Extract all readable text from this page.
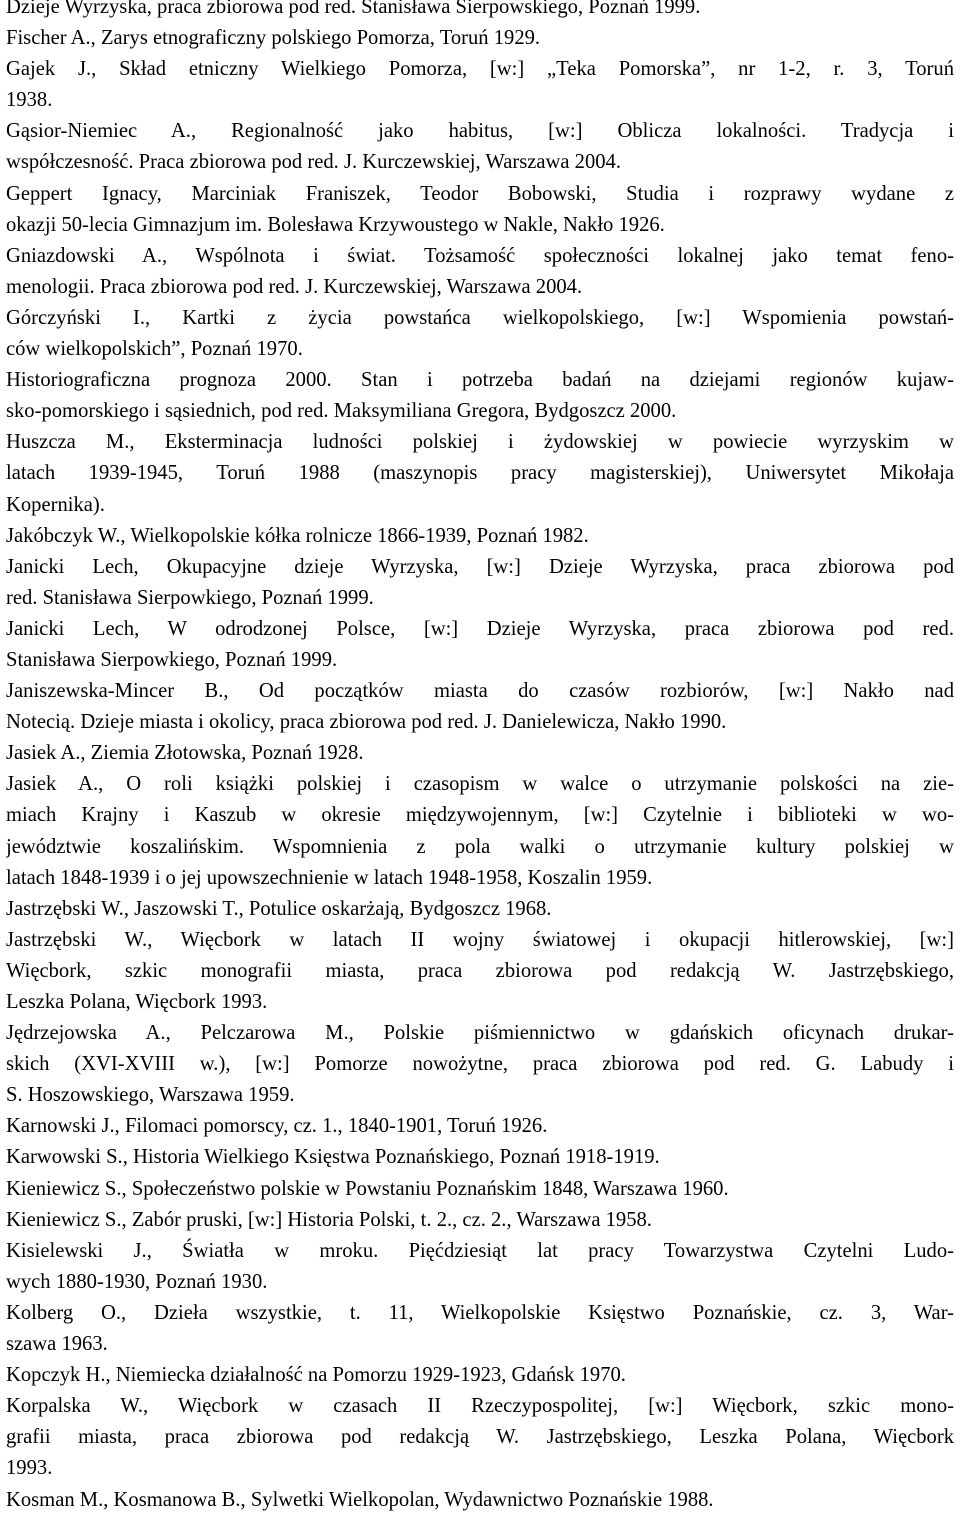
Dzieje Wyrzyska, praca zbiorowa pod red. Stanisława Sierpowskiego, Poznań 1999.
Fischer A., Zarys etnograficzny polskiego Pomorza, Toruń 1929.
Gajek J., Skład etniczny Wielkiego Pomorza, [w:] „Teka Pomorska”, nr 1-2, r. 3, Toruń
1938.
Gąsior-Niemiec A., Regionalność jako habitus, [w:] Oblicza lokalności. Tradycja i
współczesność. Praca zbiorowa pod red. J. Kurczewskiej, Warszawa 2004.
Geppert Ignacy, Marciniak Franiszek, Teodor Bobowski, Studia i rozprawy wydane z
okazji 50-lecia Gimnazjum im. Bolesława Krzywoustego w Nakle, Nakło 1926.
Gniazdowski A., Wspólnota i świat. Tożsamość społeczności lokalnej jako temat feno-
menologii. Praca zbiorowa pod red. J. Kurczewskiej, Warszawa 2004.
Górczyński I., Kartki z życia powstańca wielkopolskiego, [w:] Wspomienia powstań-
ców wielkopolskich”, Poznań 1970.
Historiograficzna prognoza 2000. Stan i potrzeba badań na dziejami regionów kujaw-
sko-pomorskiego i sąsiednich, pod red. Maksymiliana Gregora, Bydgoszcz 2000.
Huszcza M., Eksterminacja ludności polskiej i żydowskiej w powiecie wyrzyskim w
latach 1939-1945, Toruń 1988 (maszynopis pracy magisterskiej), Uniwersytet Mikołaja
Kopernika).
Jakóbczyk W., Wielkopolskie kółka rolnicze 1866-1939, Poznań 1982.
Janicki Lech, Okupacyjne dzieje Wyrzyska, [w:] Dzieje Wyrzyska, praca zbiorowa pod
red. Stanisława Sierpowkiego, Poznań 1999.
Janicki Lech, W odrodzonej Polsce, [w:] Dzieje Wyrzyska, praca zbiorowa pod red.
Stanisława Sierpowkiego, Poznań 1999.
Janiszewska-Mincer B., Od początków miasta do czasów rozbiorów, [w:] Nakło nad
Notecią. Dzieje miasta i okolicy, praca zbiorowa pod red. J. Danielewicza, Nakło 1990.
Jasiek A., Ziemia Złotowska, Poznań 1928.
Jasiek A., O roli książki polskiej i czasopism w walce o utrzymanie polskości na zie-
miach Krajny i Kaszub w okresie międzywojennym, [w:] Czytelnie i biblioteki w wo-
jewództwie koszalińskim. Wspomnienia z pola walki o utrzymanie kultury polskiej w
latach 1848-1939 i o jej upowszechnienie w latach 1948-1958, Koszalin 1959.
Jastrzębski W., Jaszowski T., Potulice oskarżają, Bydgoszcz 1968.
Jastrzębski W., Więcbork w latach II wojny światowej i okupacji hitlerowskiej, [w:]
Więcbork, szkic monografii miasta, praca zbiorowa pod redakcją W. Jastrzębskiego,
Leszka Polana, Więcbork 1993.
Jędrzejowska A., Pelczarowa M., Polskie piśmiennictwo w gdańskich oficynach drukar-
skich (XVI-XVIII w.), [w:] Pomorze nowożytne, praca zbiorowa pod red. G. Labudy i
S. Hoszowskiego, Warszawa 1959.
Karnowski J., Filomaci pomorscy, cz. 1., 1840-1901, Toruń 1926.
Karwowski S., Historia Wielkiego Księstwa Poznańskiego, Poznań 1918-1919.
Kieniewicz S., Społeczeństwo polskie w Powstaniu Poznańskim 1848, Warszawa 1960.
Kieniewicz S., Zabór pruski, [w:] Historia Polski, t. 2., cz. 2., Warszawa 1958.
Kisielewski J., Światła w mroku. Pięćdziesiąt lat pracy Towarzystwa Czytelni Ludo-
wych 1880-1930, Poznań 1930.
Kolberg O., Dzieła wszystkie, t. 11, Wielkopolskie Księstwo Poznańskie, cz. 3, War-
szawa 1963.
Kopczyk H., Niemiecka działalność na Pomorzu 1929-1923, Gdańsk 1970.
Korpalska W., Więcbork w czasach II Rzeczypospolitej, [w:] Więcbork, szkic mono-
grafii miasta, praca zbiorowa pod redakcją W. Jastrzębskiego, Leszka Polana, Więcbork
1993.
Kosman M., Kosmanowa B., Sylwetki Wielkopolan, Wydawnictwo Poznańskie 1988.
